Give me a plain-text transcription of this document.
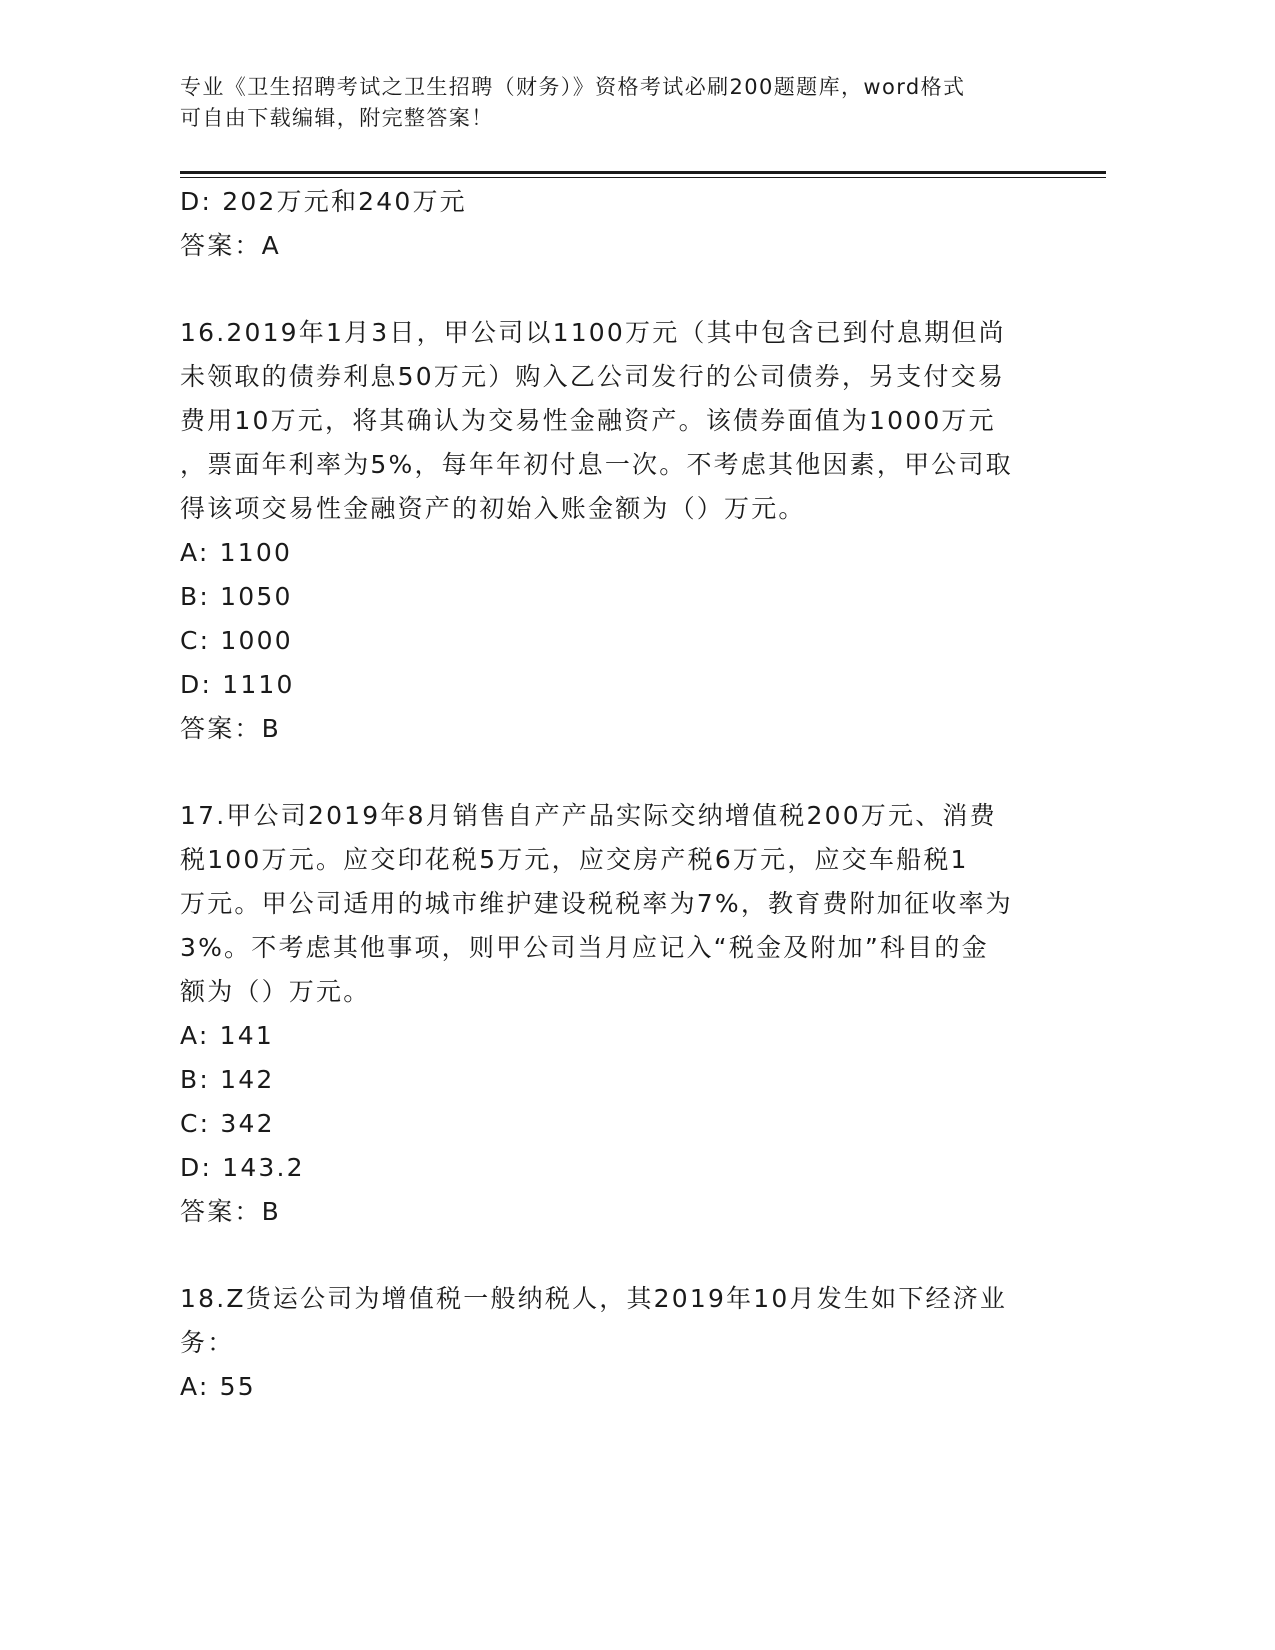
专业《卫生招聘考试之卫生招聘（财务）》资格考试必刷200题题库，word格式
可自由下载编辑，附完整答案！
D: 202万元和240万元
答案：A
16.2019年1月3日，甲公司以1100万元（其中包含已到付息期但尚
未领取的债券利息50万元）购入乙公司发行的公司债券，另支付交易
费用10万元，将其确认为交易性金融资产。该债券面值为1000万元
，票面年利率为5%，每年年初付息一次。不考虑其他因素，甲公司取
得该项交易性金融资产的初始入账金额为（）万元。
A: 1100
B: 1050
C: 1000
D: 1110
答案：B
17.甲公司2019年8月销售自产产品实际交纳增值税200万元、消费
税100万元。应交印花税5万元，应交房产税6万元，应交车船税1
万元。甲公司适用的城市维护建设税税率为7%，教育费附加征收率为
3%。不考虑其他事项，则甲公司当月应记入“税金及附加”科目的金
额为（）万元。
A: 141
B: 142
C: 342
D: 143.2
答案：B
18.Z货运公司为增值税一般纳税人，其2019年10月发生如下经济业
务：
A: 55
